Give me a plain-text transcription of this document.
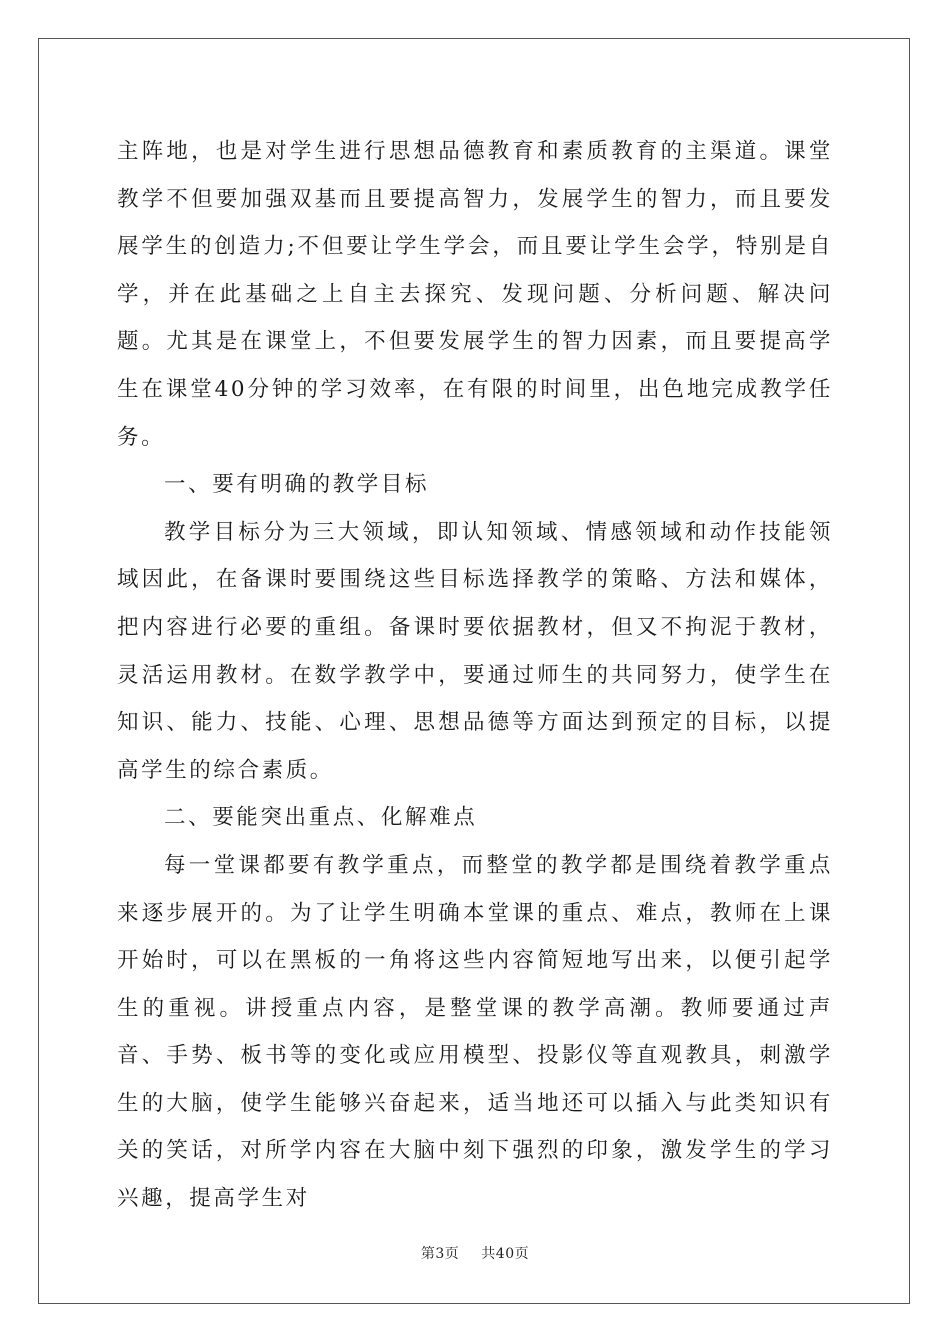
主阵地，也是对学生进行思想品德教育和素质教育的主渠道。课堂教学不但要加强双基而且要提高智力，发展学生的智力，而且要发展学生的创造力;不但要让学生学会，而且要让学生会学，特别是自学，并在此基础之上自主去探究、发现问题、分析问题、解决问题。尤其是在课堂上，不但要发展学生的智力因素，而且要提高学生在课堂40分钟的学习效率，在有限的时间里，出色地完成教学任务。

一、要有明确的教学目标

教学目标分为三大领域，即认知领域、情感领域和动作技能领域因此，在备课时要围绕这些目标选择教学的策略、方法和媒体，把内容进行必要的重组。备课时要依据教材，但又不拘泥于教材，灵活运用教材。在数学教学中，要通过师生的共同努力，使学生在知识、能力、技能、心理、思想品德等方面达到预定的目标，以提高学生的综合素质。

二、要能突出重点、化解难点

每一堂课都要有教学重点，而整堂的教学都是围绕着教学重点来逐步展开的。为了让学生明确本堂课的重点、难点，教师在上课开始时，可以在黑板的一角将这些内容简短地写出来，以便引起学生的重视。讲授重点内容，是整堂课的教学高潮。教师要通过声音、手势、板书等的变化或应用模型、投影仪等直观教具，刺激学生的大脑，使学生能够兴奋起来，适当地还可以插入与此类知识有关的笑话，对所学内容在大脑中刻下强烈的印象，激发学生的学习兴趣，提高学生对

第3页 共40页
